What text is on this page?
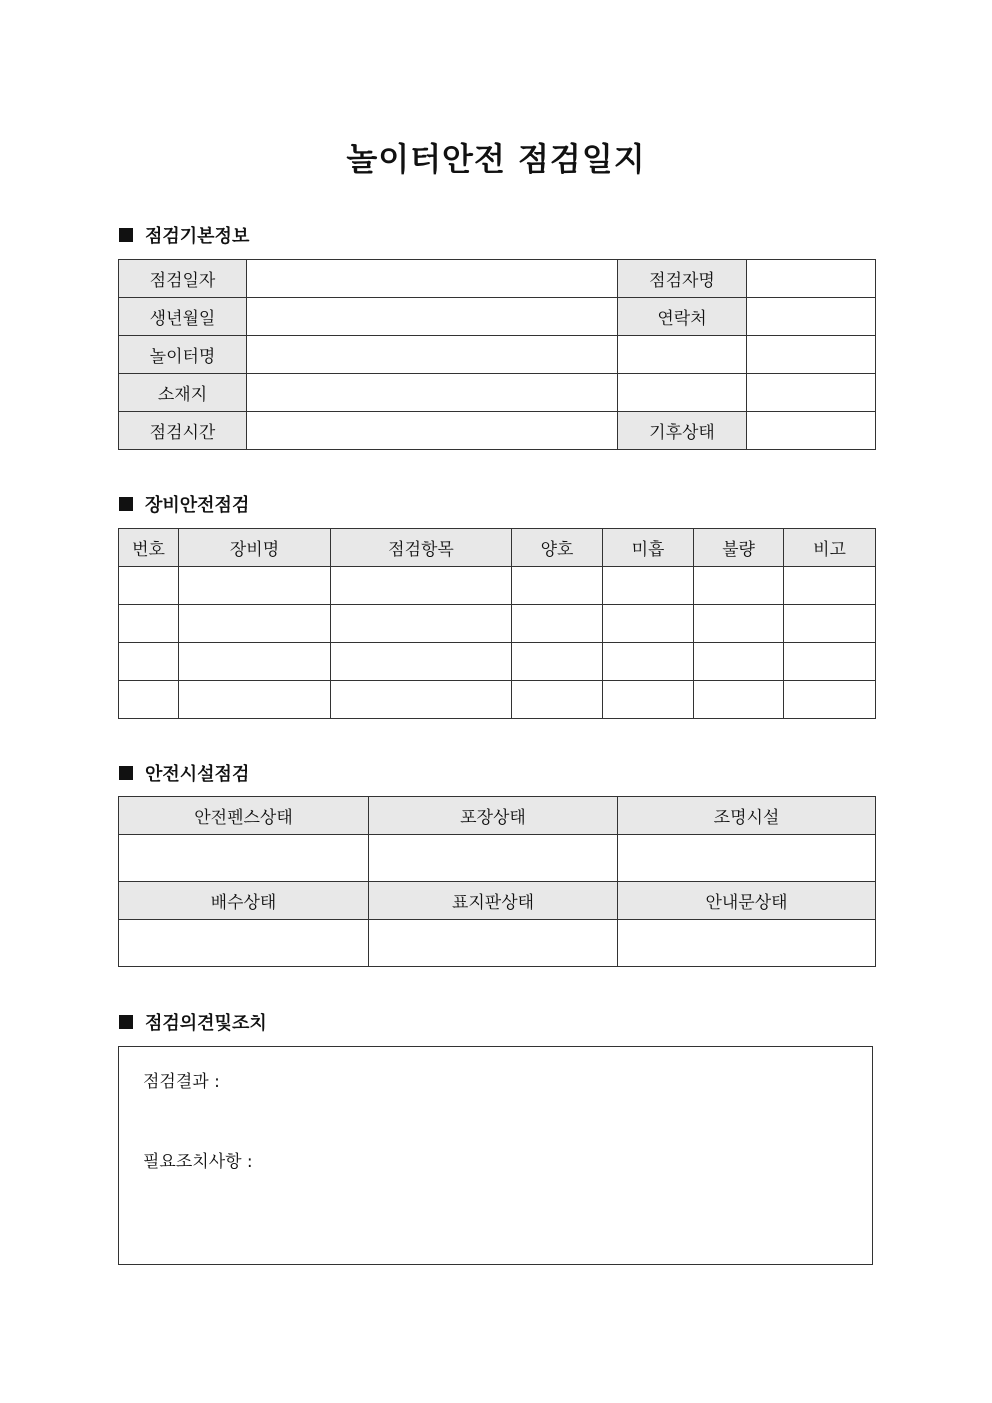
놀이터안전 점검일지
점검기본정보
점검일자		점검자명	
생년월일		연락처	
놀이터명			
소재지			
점검시간		기후상태	
장비안전점검
번호	장비명	점검항목	양호	미흡	불량	비고

안전시설점검
안전펜스상태	포장상태	조명시설

배수상태	표지판상태	안내문상태

점검의견및조치
점검결과 :
필요조치사항 :
